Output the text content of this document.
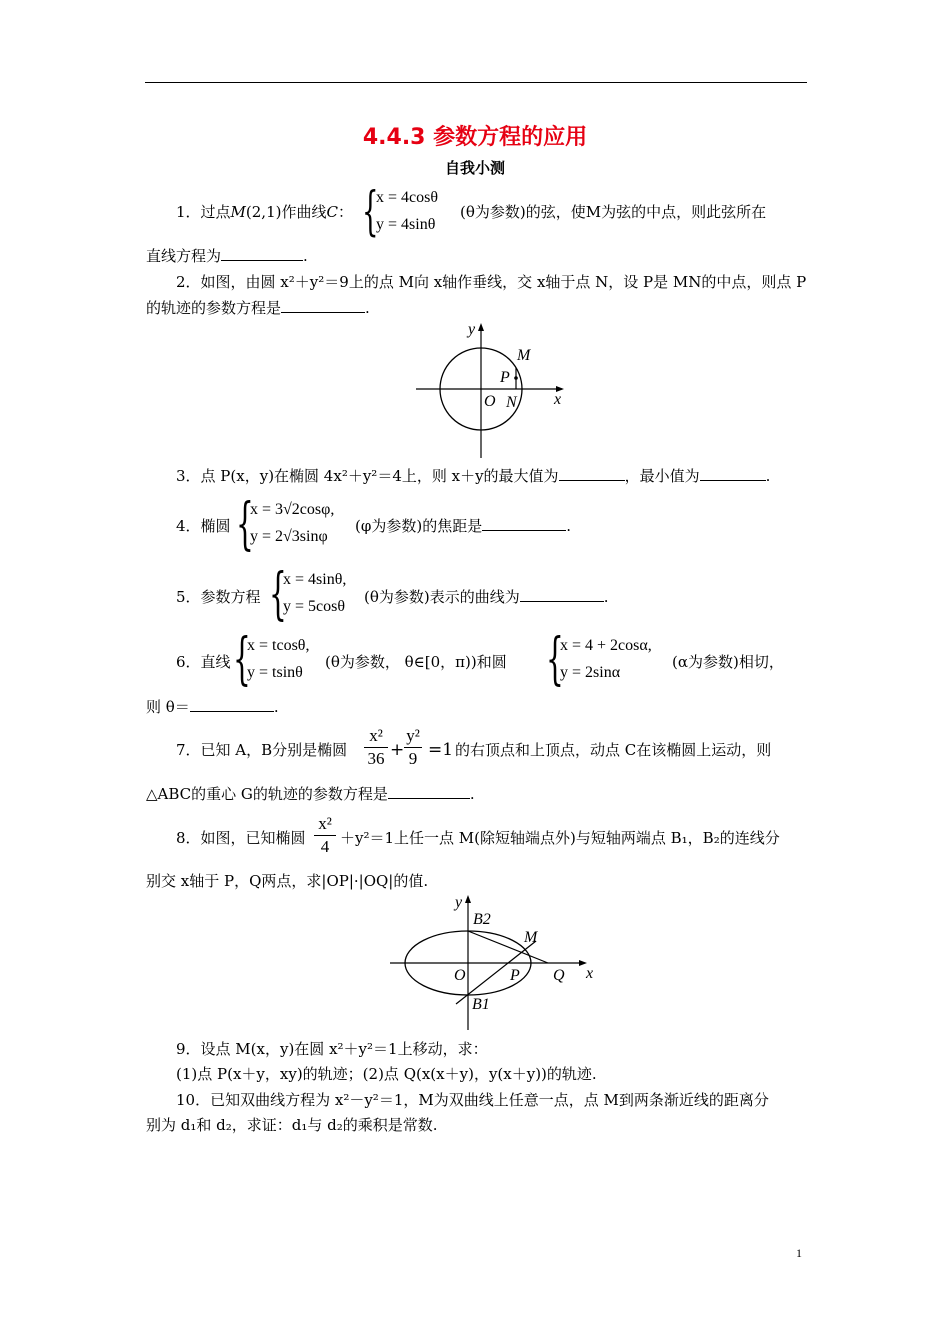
4.4.3 参数方程的应用
自我小测
1．过点M(2,1)作曲线C： {
x = 4cosθ
y = 4sinθ
(θ为参数)的弦，使M为弦的中点，则此弦所在
直线方程为	.
2．如图，由圆 x²＋y²＝9上的点 M向 x轴作垂线，交 x轴于点 N，设 P是 MN的中点，则点 P
的轨迹的参数方程是	.
y
M
P
O N x
3．点 P(x，y)在椭圆 4x²＋y²＝4上，则 x＋y的最大值为	，最小值为	.
4．椭圆 {
x = 3√2cosφ,
y = 2√3sinφ
(φ为参数)的焦距是	.
5．参数方程 {
x = 4sinθ,
y = 5cosθ
(θ为参数)表示的曲线为	.
6．直线 {
x = tcosθ,
y = tsinθ
(θ为参数， θ∈[0，π))和圆 {
x = 4 + 2cosα,
y = 2sinα
(α为参数)相切，
则 θ＝	.
7．已知 A，B分别是椭圆
x²
36 +
y²
9 =1 的右顶点和上顶点，动点 C在该椭圆上运动，则
△ABC的重心 G的轨迹的参数方程是	.
8．如图，已知椭圆
x²
4 ＋y²＝1上任一点 M(除短轴端点外)与短轴两端点 B₁，B₂的连线分
别交 x轴于 P，Q两点，求|OP|·|OQ|的值.
y
B2
M
O	P Q x
B1
9．设点 M(x，y)在圆 x²＋y²＝1上移动，求：
(1)点 P(x＋y，xy)的轨迹；(2)点 Q(x(x＋y)，y(x＋y))的轨迹.
10．已知双曲线方程为 x²－y²＝1，M为双曲线上任意一点，点 M到两条渐近线的距离分
别为 d₁和 d₂，求证：d₁与 d₂的乘积是常数.
1
